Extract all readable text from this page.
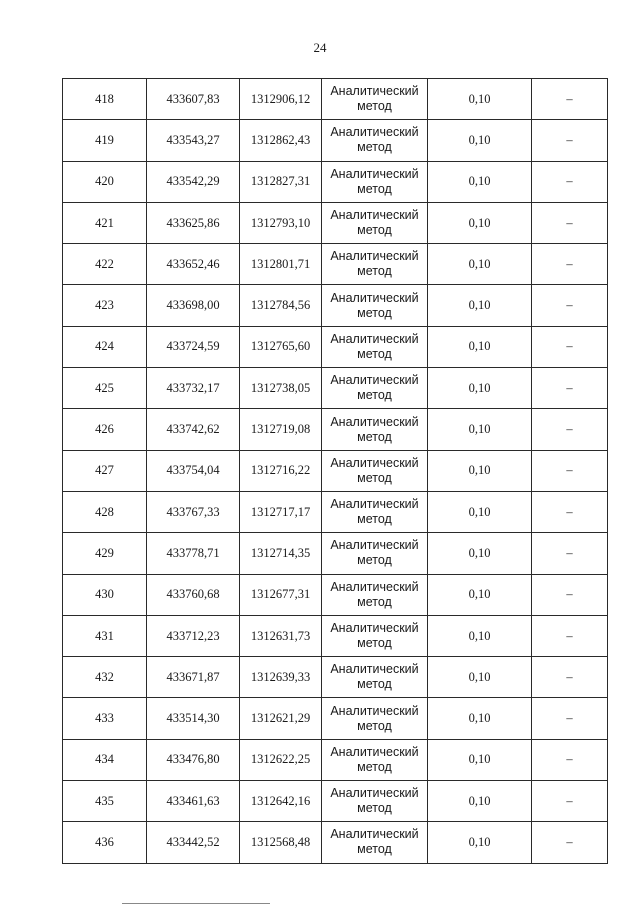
24
418	433607,83	1312906,12	Аналитический
метод	0,10	–
419	433543,27	1312862,43	Аналитический
метод	0,10	–
420	433542,29	1312827,31	Аналитический
метод	0,10	–
421	433625,86	1312793,10	Аналитический
метод	0,10	–
422	433652,46	1312801,71	Аналитический
метод	0,10	–
423	433698,00	1312784,56	Аналитический
метод	0,10	–
424	433724,59	1312765,60	Аналитический
метод	0,10	–
425	433732,17	1312738,05	Аналитический
метод	0,10	–
426	433742,62	1312719,08	Аналитический
метод	0,10	–
427	433754,04	1312716,22	Аналитический
метод	0,10	–
428	433767,33	1312717,17	Аналитический
метод	0,10	–
429	433778,71	1312714,35	Аналитический
метод	0,10	–
430	433760,68	1312677,31	Аналитический
метод	0,10	–
431	433712,23	1312631,73	Аналитический
метод	0,10	–
432	433671,87	1312639,33	Аналитический
метод	0,10	–
433	433514,30	1312621,29	Аналитический
метод	0,10	–
434	433476,80	1312622,25	Аналитический
метод	0,10	–
435	433461,63	1312642,16	Аналитический
метод	0,10	–
436	433442,52	1312568,48	Аналитический
метод	0,10	–
